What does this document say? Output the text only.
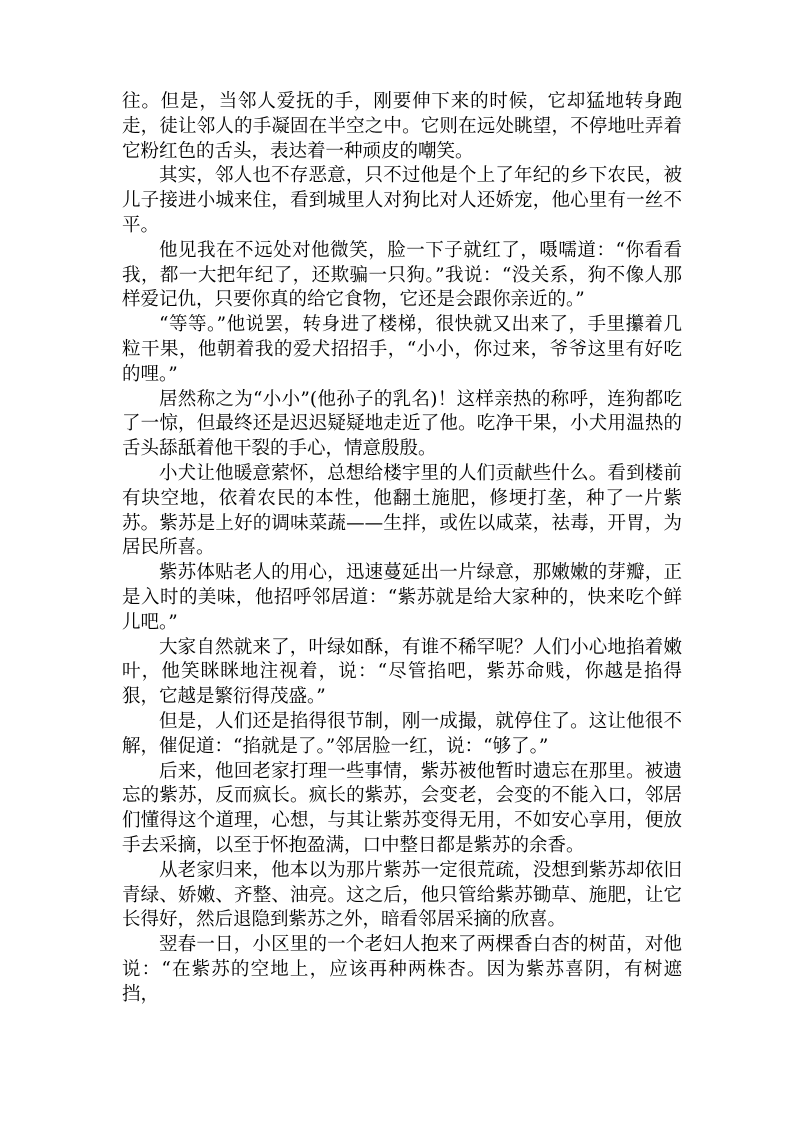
往。但是，当邻人爱抚的手，刚要伸下来的时候，它却猛地转身跑走，徒让邻人的手凝固在半空之中。它则在远处眺望，不停地吐弄着它粉红色的舌头，表达着一种顽皮的嘲笑。

其实，邻人也不存恶意，只不过他是个上了年纪的乡下农民，被儿子接进小城来住，看到城里人对狗比对人还娇宠，他心里有一丝不平。

他见我在不远处对他微笑，脸一下子就红了，嗫嚅道：“你看看我，都一大把年纪了，还欺骗一只狗。”我说：“没关系，狗不像人那样爱记仇，只要你真的给它食物，它还是会跟你亲近的。”

“等等。”他说罢，转身进了楼梯，很快就又出来了，手里攥着几粒干果，他朝着我的爱犬招招手，“小小，你过来，爷爷这里有好吃的哩。”

居然称之为“小小”(他孙子的乳名)！这样亲热的称呼，连狗都吃了一惊，但最终还是迟迟疑疑地走近了他。吃净干果，小犬用温热的舌头舔舐着他干裂的手心，情意殷殷。

小犬让他暖意萦怀，总想给楼宇里的人们贡献些什么。看到楼前有块空地，依着农民的本性，他翻土施肥，修埂打垄，种了一片紫苏。紫苏是上好的调味菜蔬——生拌，或佐以咸菜，祛毒，开胃，为居民所喜。

紫苏体贴老人的用心，迅速蔓延出一片绿意，那嫩嫩的芽瓣，正是入时的美味，他招呼邻居道：“紫苏就是给大家种的，快来吃个鲜儿吧。”

大家自然就来了，叶绿如酥，有谁不稀罕呢？人们小心地掐着嫩叶，他笑眯眯地注视着，说：“尽管掐吧，紫苏命贱，你越是掐得狠，它越是繁衍得茂盛。”

但是，人们还是掐得很节制，刚一成撮，就停住了。这让他很不解，催促道：“掐就是了。”邻居脸一红，说：“够了。”

后来，他回老家打理一些事情，紫苏被他暂时遗忘在那里。被遗忘的紫苏，反而疯长。疯长的紫苏，会变老，会变的不能入口，邻居们懂得这个道理，心想，与其让紫苏变得无用，不如安心享用，便放手去采摘，以至于怀抱盈满，口中整日都是紫苏的余香。

从老家归来，他本以为那片紫苏一定很荒疏，没想到紫苏却依旧青绿、娇嫩、齐整、油亮。这之后，他只管给紫苏锄草、施肥，让它长得好，然后退隐到紫苏之外，暗看邻居采摘的欣喜。

翌春一日，小区里的一个老妇人抱来了两棵香白杏的树苗，对他说：“在紫苏的空地上，应该再种两株杏。因为紫苏喜阴，有树遮挡，
